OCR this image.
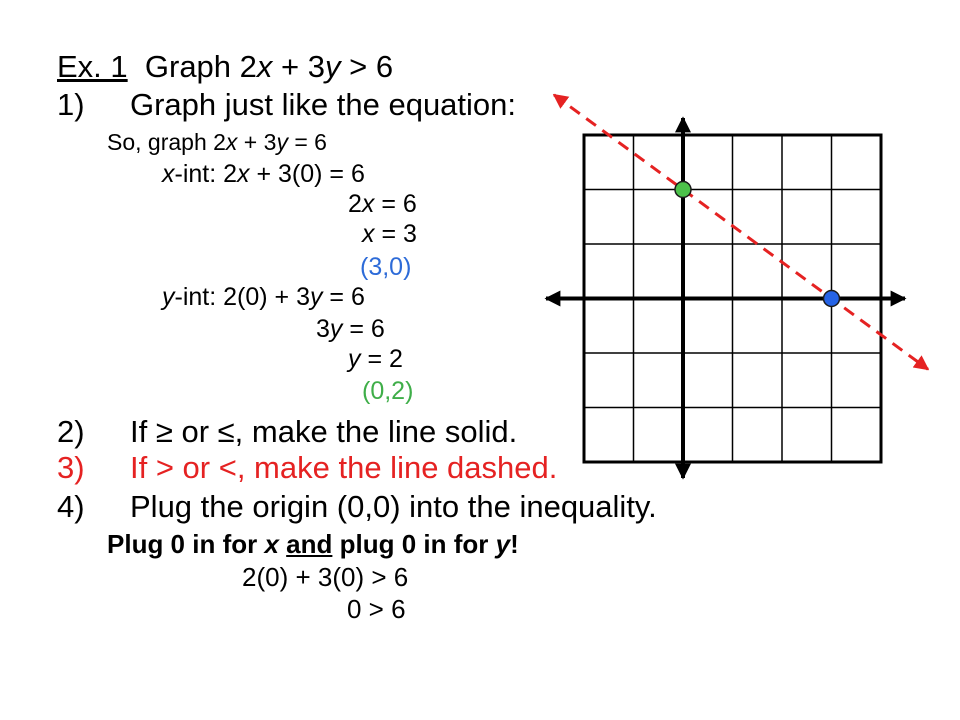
Ex. 1  Graph 2x + 3y > 6
1) Graph just like the equation:
So, graph 2x + 3y = 6
x-int: 2x + 3(0) = 6
2x = 6
x = 3
(3,0)
y-int: 2(0) + 3y = 6
3y = 6
y = 2
(0,2)
2) If ≥ or ≤, make the line solid.
3) If > or <, make the line dashed.
4) Plug the origin (0,0) into the inequality.
Plug 0 in for x and plug 0 in for y!
2(0) + 3(0) > 6
0 > 6
